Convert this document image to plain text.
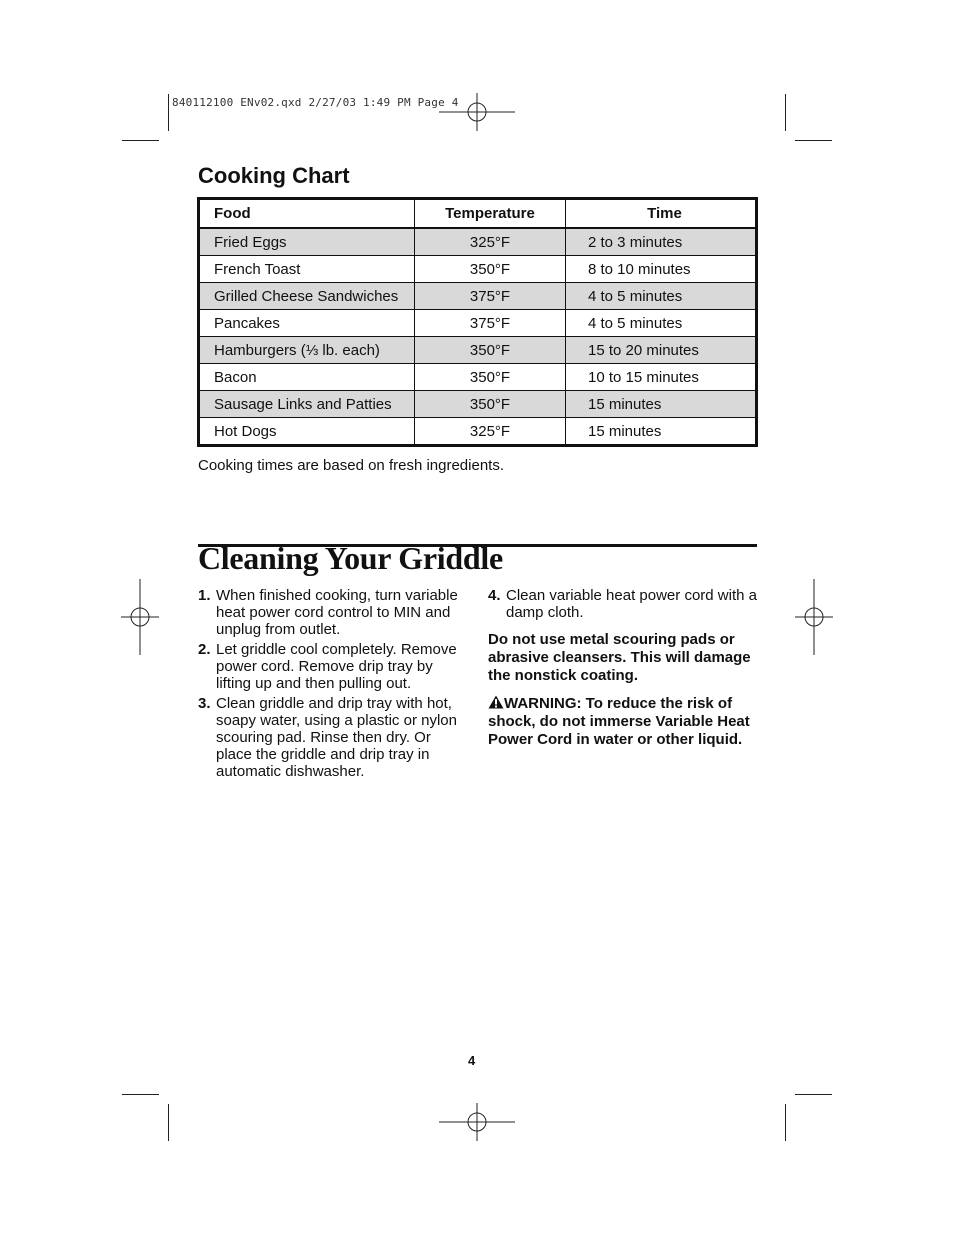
840112100 ENv02.qxd 2/27/03 1:49 PM Page 4
Cooking Chart
Food	Temperature	Time
Fried Eggs	325°F	2 to 3 minutes
French Toast	350°F	8 to 10 minutes
Grilled Cheese Sandwiches	375°F	4 to 5 minutes
Pancakes	375°F	4 to 5 minutes
Hamburgers (⅓ lb. each)	350°F	15 to 20 minutes
Bacon	350°F	10 to 15 minutes
Sausage Links and Patties	350°F	15 minutes
Hot Dogs	325°F	15 minutes

Cooking times are based on fresh ingredients.

Cleaning Your Griddle
1. When finished cooking, turn variable heat power cord control to MIN and unplug from outlet.
2. Let griddle cool completely. Remove power cord. Remove drip tray by lifting up and then pulling out.
3. Clean griddle and drip tray with hot, soapy water, using a plastic or nylon scouring pad. Rinse then dry. Or place the griddle and drip tray in automatic dishwasher.
4. Clean variable heat power cord with a damp cloth.

Do not use metal scouring pads or abrasive cleansers. This will damage the nonstick coating.

WARNING: To reduce the risk of shock, do not immerse Variable Heat Power Cord in water or other liquid.

4
